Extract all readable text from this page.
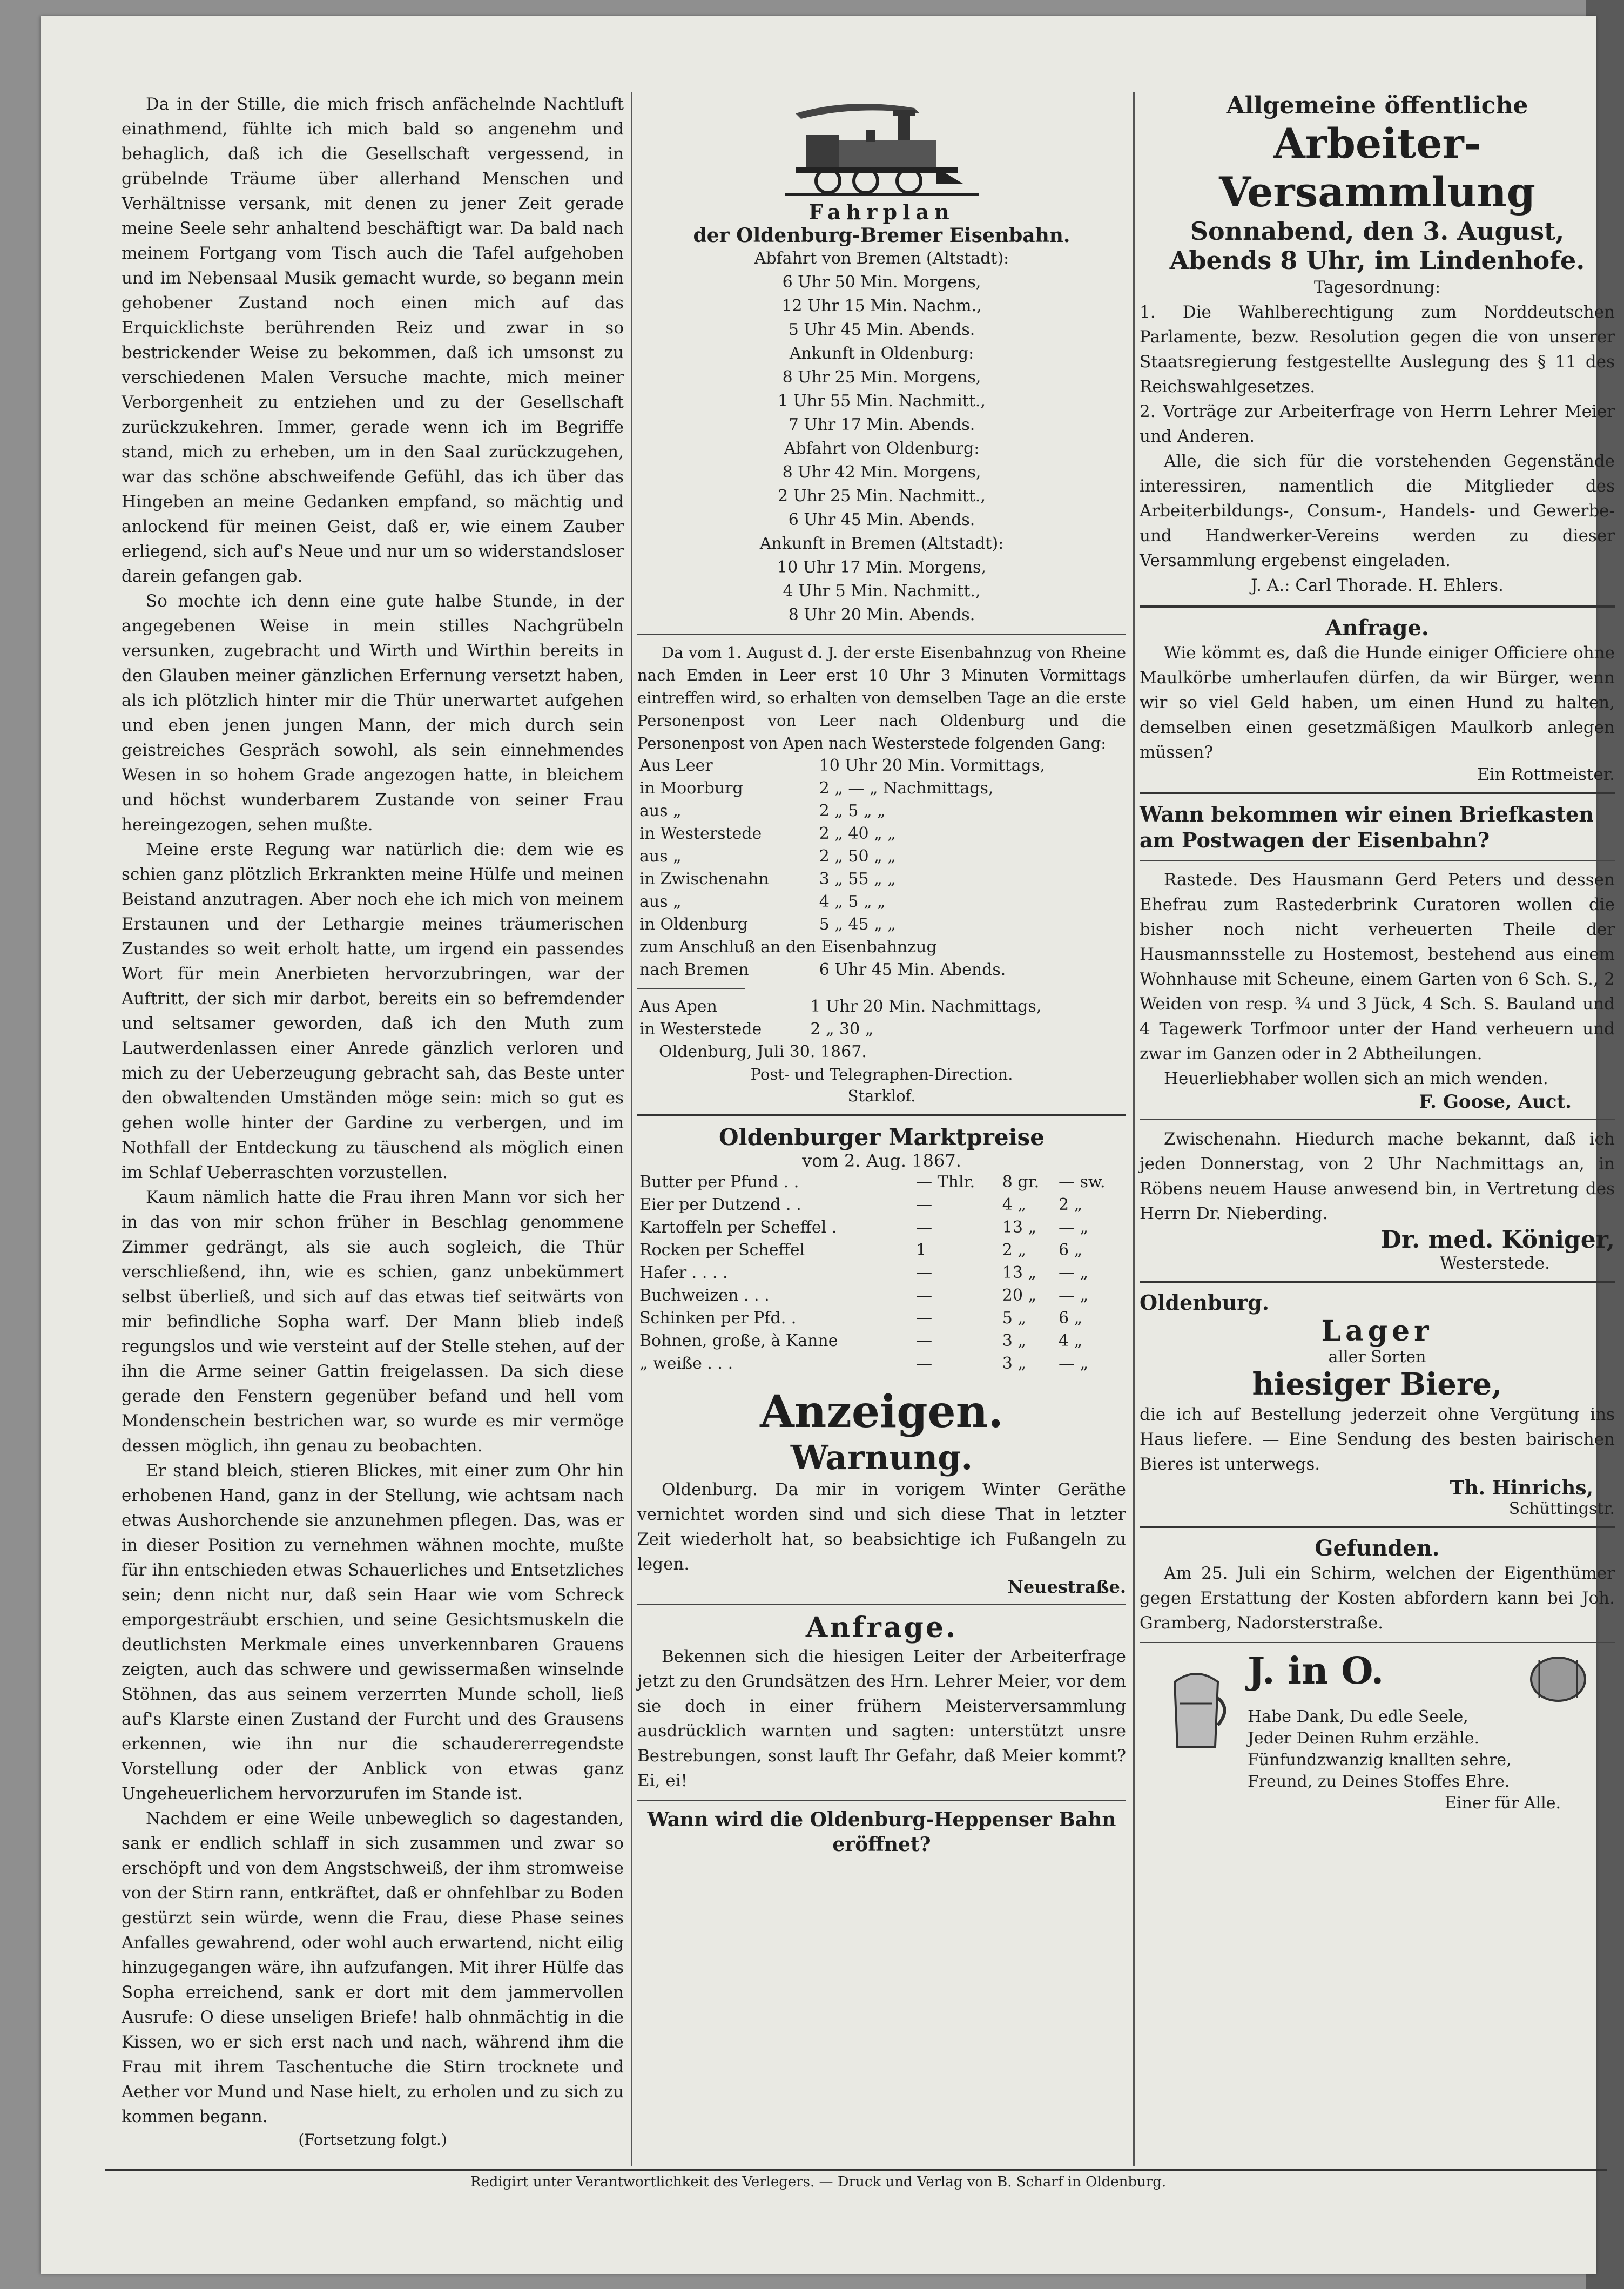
Da in der Stille, die mich frisch anfächelnde Nachtluft einathmend, fühlte ich mich bald so angenehm und behaglich, daß ich die Gesellschaft vergessend, in grübelnde Träume über allerhand Menschen und Verhältnisse versank, mit denen zu jener Zeit gerade meine Seele sehr anhaltend beschäftigt war. Da bald nach meinem Fortgang vom Tisch auch die Tafel aufgehoben und im Nebensaal Musik gemacht wurde, so begann mein gehobener Zustand noch einen mich auf das Erquicklichste berührenden Reiz und zwar in so bestrickender Weise zu bekommen, daß ich umsonst zu verschiedenen Malen Versuche machte, mich meiner Verborgenheit zu entziehen und zu der Gesellschaft zurückzukehren. Immer, gerade wenn ich im Begriffe stand, mich zu erheben, um in den Saal zurückzugehen, war das schöne abschweifende Gefühl, das ich über das Hingeben an meine Gedanken empfand, so mächtig und anlockend für meinen Geist, daß er, wie einem Zauber erliegend, sich auf's Neue und nur um so widerstandsloser darein gefangen gab.

So mochte ich denn eine gute halbe Stunde, in der angegebenen Weise in mein stilles Nachgrübeln versunken, zugebracht und Wirth und Wirthin bereits in den Glauben meiner gänzlichen Erfernung versetzt haben, als ich plötzlich hinter mir die Thür unerwartet aufgehen und eben jenen jungen Mann, der mich durch sein geistreiches Gespräch sowohl, als sein einnehmendes Wesen in so hohem Grade angezogen hatte, in bleichem und höchst wunderbarem Zustande von seiner Frau hereingezogen, sehen mußte.

Meine erste Regung war natürlich die: dem wie es schien ganz plötzlich Erkrankten meine Hülfe und meinen Beistand anzutragen. Aber noch ehe ich mich von meinem Erstaunen und der Lethargie meines träumerischen Zustandes so weit erholt hatte, um irgend ein passendes Wort für mein Anerbieten hervorzubringen, war der Auftritt, der sich mir darbot, bereits ein so befremdender und seltsamer geworden, daß ich den Muth zum Lautwerdenlassen einer Anrede gänzlich verloren und mich zu der Ueberzeugung gebracht sah, das Beste unter den obwaltenden Umständen möge sein: mich so gut es gehen wolle hinter der Gardine zu verbergen, und im Nothfall der Entdeckung zu täuschend als möglich einen im Schlaf Ueberraschten vorzustellen.

Kaum nämlich hatte die Frau ihren Mann vor sich her in das von mir schon früher in Beschlag genommene Zimmer gedrängt, als sie auch sogleich, die Thür verschließend, ihn, wie es schien, ganz unbekümmert selbst überließ, und sich auf das etwas tief seitwärts von mir befindliche Sopha warf. Der Mann blieb indeß regungslos und wie versteint auf der Stelle stehen, auf der ihn die Arme seiner Gattin freigelassen. Da sich diese gerade den Fenstern gegenüber befand und hell vom Mondenschein bestrichen war, so wurde es mir vermöge dessen möglich, ihn genau zu beobachten.

Er stand bleich, stieren Blickes, mit einer zum Ohr hin erhobenen Hand, ganz in der Stellung, wie achtsam nach etwas Aushorchende sie anzunehmen pflegen. Das, was er in dieser Position zu vernehmen wähnen mochte, mußte für ihn entschieden etwas Schauerliches und Entsetzliches sein; denn nicht nur, daß sein Haar wie vom Schreck emporgesträubt erschien, und seine Gesichtsmuskeln die deutlichsten Merkmale eines unverkennbaren Grauens zeigten, auch das schwere und gewissermaßen winselnde Stöhnen, das aus seinem verzerrten Munde scholl, ließ auf's Klarste einen Zustand der Furcht und des Grausens erkennen, wie ihn nur die schaudererregendste Vorstellung oder der Anblick von etwas ganz Ungeheuerlichem hervorzurufen im Stande ist.

Nachdem er eine Weile unbeweglich so dagestanden, sank er endlich schlaff in sich zusammen und zwar so erschöpft und von dem Angstschweiß, der ihm stromweise von der Stirn rann, entkräftet, daß er ohnfehlbar zu Boden gestürzt sein würde, wenn die Frau, diese Phase seines Anfalles gewahrend, oder wohl auch erwartend, nicht eilig hinzugegangen wäre, ihn aufzufangen. Mit ihrer Hülfe das Sopha erreichend, sank er dort mit dem jammervollen Ausrufe: O diese unseligen Briefe! halb ohnmächtig in die Kissen, wo er sich erst nach und nach, während ihm die Frau mit ihrem Taschentuche die Stirn trocknete und Aether vor Mund und Nase hielt, zu erholen und zu sich zu kommen begann.

(Fortsetzung folgt.)
Fahrplan
der Oldenburg-Bremer Eisenbahn.
Abfahrt von Bremen (Altstadt):
6 Uhr 50 Min. Morgens,
12 Uhr 15 Min. Nachm.,
5 Uhr 45 Min. Abends.
Ankunft in Oldenburg:
8 Uhr 25 Min. Morgens,
1 Uhr 55 Min. Nachmitt.,
7 Uhr 17 Min. Abends.
Abfahrt von Oldenburg:
8 Uhr 42 Min. Morgens,
2 Uhr 25 Min. Nachmitt.,
6 Uhr 45 Min. Abends.
Ankunft in Bremen (Altstadt):
10 Uhr 17 Min. Morgens,
4 Uhr 5 Min. Nachmitt.,
8 Uhr 20 Min. Abends.

Da vom 1. August d. J. der erste Eisenbahnzug von Rheine nach Emden in Leer erst 10 Uhr 3 Minuten Vormittags eintreffen wird, so erhalten von demselben Tage an die erste Personenpost von Leer nach Oldenburg und die Personenpost von Apen nach Westerstede folgenden Gang:

Aus Leer	10 Uhr 20 Min. Vormittags,
in Moorburg	2 „ — „ Nachmittags,
aus „	2 „ 5 „ „
in Westerstede	2 „ 40 „ „
aus „	2 „ 50 „ „
in Zwischenahn	3 „ 55 „ „
aus „	4 „ 5 „ „
in Oldenburg	5 „ 45 „ „
zum Anschluß an den Eisenbahnzug	
nach Bremen	6 Uhr 45 Min. Abends.
Aus Apen	1 Uhr 20 Min. Nachmittags,
in Westerstede	2 „ 30 „
Oldenburg, Juli 30. 1867.
Post- und Telegraphen-Direction.
Starklof.
Oldenburger Marktpreise
vom 2. Aug. 1867.
Butter per Pfund . .	— Thlr.	8 gr.	— sw.
Eier per Dutzend . .	—	4 „	2 „
Kartoffeln per Scheffel .	—	13 „	— „
Rocken per Scheffel	1	2 „	6 „
Hafer . . . .	—	13 „	— „
Buchweizen . . .	—	20 „	— „
Schinken per Pfd. .	—	5 „	6 „
Bohnen, große, à Kanne	—	3 „	4 „
„ weiße . . .	—	3 „	— „
Anzeigen.
Warnung.

Oldenburg. Da mir in vorigem Winter Geräthe vernichtet worden sind und sich diese That in letzter Zeit wiederholt hat, so beabsichtige ich Fußangeln zu legen.

Neuestraße.
Anfrage.

Bekennen sich die hiesigen Leiter der Arbeiterfrage jetzt zu den Grundsätzen des Hrn. Lehrer Meier, vor dem sie doch in einer frühern Meisterversammlung ausdrücklich warnten und sagten: unterstützt unsre Bestrebungen, sonst lauft Ihr Gefahr, daß Meier kommt? Ei, ei!

Wann wird die Oldenburg-Heppenser Bahn eröffnet?
Allgemeine öffentliche
Arbeiter-Versammlung
Sonnabend, den 3. August,
Abends 8 Uhr, im Lindenhofe.
Tagesordnung:

1. Die Wahlberechtigung zum Norddeutschen Parlamente, bezw. Resolution gegen die von unserer Staatsregierung festgestellte Auslegung des § 11 des Reichswahlgesetzes.

2. Vorträge zur Arbeiterfrage von Herrn Lehrer Meier und Anderen.

Alle, die sich für die vorstehenden Gegenstände interessiren, namentlich die Mitglieder des Arbeiterbildungs-, Consum-, Handels- und Gewerbe- und Handwerker-Vereins werden zu dieser Versammlung ergebenst eingeladen.

J. A.: Carl Thorade. H. Ehlers.
Anfrage.

Wie kömmt es, daß die Hunde einiger Officiere ohne Maulkörbe umherlaufen dürfen, da wir Bürger, wenn wir so viel Geld haben, um einen Hund zu halten, demselben einen gesetzmäßigen Maulkorb anlegen müssen?

Ein Rottmeister.
Wann bekommen wir einen Briefkasten am Postwagen der Eisenbahn?

Rastede. Des Hausmann Gerd Peters und dessen Ehefrau zum Rastederbrink Curatoren wollen die bisher noch nicht verheuerten Theile der Hausmannsstelle zu Hostemost, bestehend aus einem Wohnhause mit Scheune, einem Garten von 6 Sch. S., 2 Weiden von resp. ¾ und 3 Jück, 4 Sch. S. Bauland und 4 Tagewerk Torfmoor unter der Hand verheuern und zwar im Ganzen oder in 2 Abtheilungen.

Heuerliebhaber wollen sich an mich wenden.

F. Goose, Auct.

Zwischenahn. Hiedurch mache bekannt, daß ich jeden Donnerstag, von 2 Uhr Nachmittags an, in Röbens neuem Hause anwesend bin, in Vertretung des Herrn Dr. Nieberding.

Dr. med. Königer,
Westerstede.
Oldenburg.
Lager
aller Sorten
hiesiger Biere,

die ich auf Bestellung jederzeit ohne Vergütung ins Haus liefere. — Eine Sendung des besten bairischen Bieres ist unterwegs.

Th. Hinrichs,
Schüttingstr.
Gefunden.

Am 25. Juli ein Schirm, welchen der Eigenthümer gegen Erstattung der Kosten abfordern kann bei Joh. Gramberg, Nadorsterstraße.

J. in O.
Habe Dank, Du edle Seele,
Jeder Deinen Ruhm erzähle.
Fünfundzwanzig knallten sehre,
Freund, zu Deines Stoffes Ehre.
Einer für Alle.
Redigirt unter Verantwortlichkeit des Verlegers. — Druck und Verlag von B. Scharf in Oldenburg.
